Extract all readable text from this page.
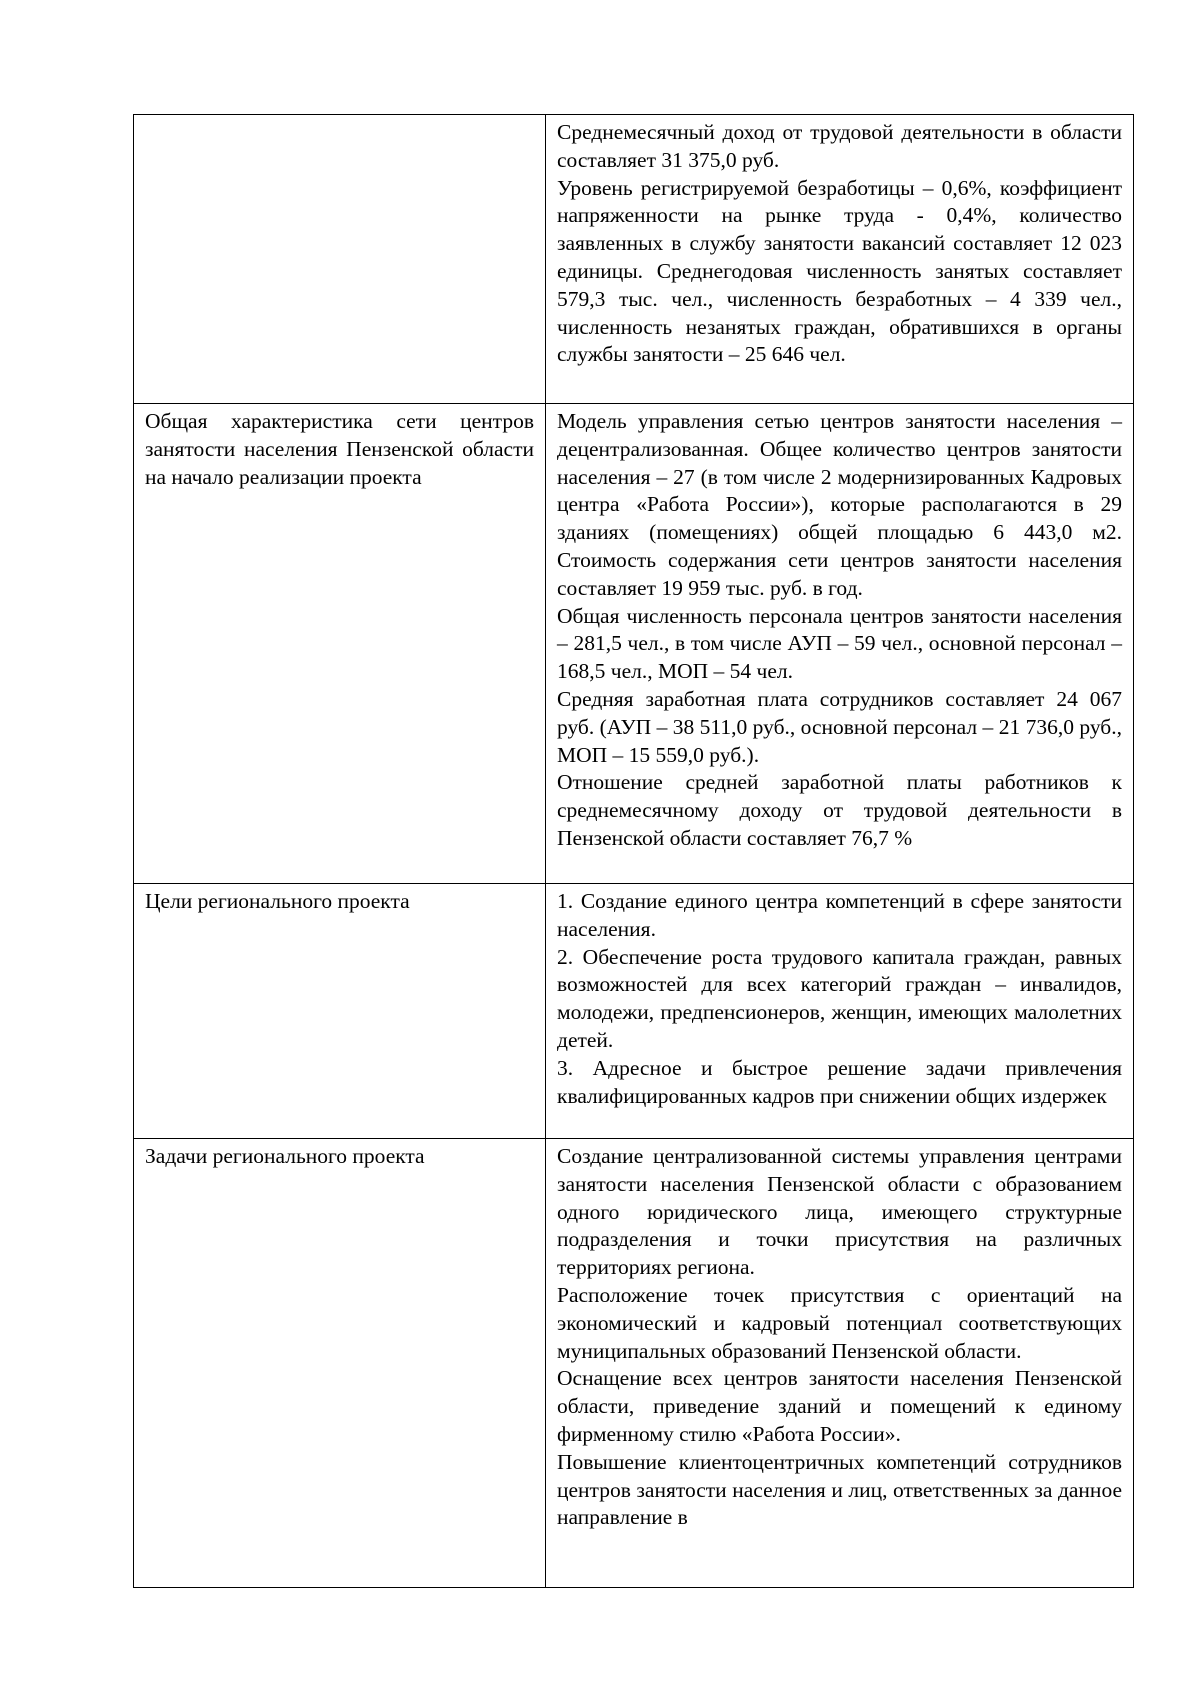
	Среднемесячный доход от трудовой деятельности в области составляет 31 375,0 руб.

Уровень регистрируемой безработицы – 0,6%, коэффициент напряженности на рынке труда - 0,4%, количество заявленных в службу занятости вакансий составляет 12 023 единицы. Среднегодовая численность занятых составляет 579,3 тыс. чел., численность безработных – 4 339 чел., численность незанятых граждан, обратившихся в органы службы занятости – 25 646 чел.

Общая характеристика сети центров занятости населения Пензенской области на начало реализации проекта	Модель управления сетью центров занятости населения – децентрализованная. Общее количество центров занятости населения – 27 (в том числе 2 модернизированных Кадровых центра «Работа России»), которые располагаются в 29 зданиях (помещениях) общей площадью 6 443,0 м2. Стоимость содержания сети центров занятости населения составляет 19 959 тыс. руб. в год.

Общая численность персонала центров занятости населения – 281,5 чел., в том числе АУП – 59 чел., основной персонал – 168,5 чел., МОП – 54 чел.

Средняя заработная плата сотрудников составляет 24 067 руб. (АУП – 38 511,0 руб., основной персонал – 21 736,0 руб., МОП – 15 559,0 руб.).

Отношение средней заработной платы работников к среднемесячному доходу от трудовой деятельности в Пензенской области составляет 76,7 %

Цели регионального проекта	1. Создание единого центра компетенций в сфере занятости населения.

2. Обеспечение роста трудового капитала граждан, равных возможностей для всех категорий граждан – инвалидов, молодежи, предпенсионеров, женщин, имеющих малолетних детей.

3. Адресное и быстрое решение задачи привлечения квалифицированных кадров при снижении общих издержек

Задачи регионального проекта	Создание централизованной системы управления центрами занятости населения Пензенской области с образованием одного юридического лица, имеющего структурные подразделения и точки присутствия на различных территориях региона.

Расположение точек присутствия с ориентаций на экономический и кадровый потенциал соответствующих муниципальных образований Пензенской области.

Оснащение всех центров занятости населения Пензенской области, приведение зданий и помещений к единому фирменному стилю «Работа России».

Повышение клиентоцентричных компетенций сотрудников центров занятости населения и лиц, ответственных за данное направление в
